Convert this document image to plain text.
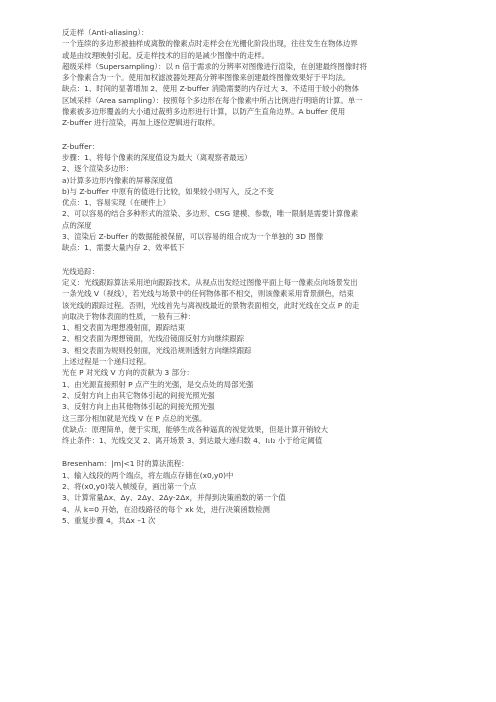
反走样（Anti-aliasing）：
一个连续的多边形被抽样成离散的像素点时走样会在光栅化阶段出现，往往发生在物体边界
或是由纹理映射引起。反走样技术的目的是减少图像中的走样。
超级采样（Supersampling）：以 n 倍于需求的分辨率对图像进行渲染，在创建最终图像时将
多个像素合为一个。使用加权滤波器处理高分辨率图像来创建最终图像效果好于平均法。
缺点：1、时间的显著增加 2、使用 Z-buffer 消隐需要的内存过大 3、不适用于较小的物体
区域采样（Area sampling）：按照每个多边形在每个像素中所占比例进行明暗的计算。单一
像素被多边形覆盖的大小通过裁剪多边形进行计算，以防产生直角边界。A buffer 使用
Z-buffer 进行渲染，再加上逐位逻辑进行取样。
Z-buffer：
步骤：1、将每个像素的深度值设为最大（离观察者最远）
2、逐个渲染多边形：
a)计算多边形内像素的屏幕深度值
b)与 Z-buffer 中原有的值进行比较，如果较小则写入，反之不变
优点：1、容易实现（在硬件上）
2、可以容易的结合多种形式的渲染、多边形、CSG 建模、参数，唯一限制是需要计算像素
点的深度
3、渲染后 Z-buffer 的数据能被保留，可以容易的组合成为一个单独的 3D 图像
缺点：1、需要大量内存 2、效率低下
光线追踪：
定义：光线跟踪算法采用逆向跟踪技术。从视点出发经过图像平面上每一像素点向场景发出
一条光线 V（视线），若光线与场景中的任何物体都不相交，则该像素采用背景颜色，结束
该光线的跟踪过程。否则，光线首先与离视线最近的景物表面相交，此时光线在交点 P 的走
向取决于物体表面的性质，一般有三种：
1、相交表面为理想漫射面，跟踪结束
2、相交表面为理想镜面，光线沿镜面反射方向继续跟踪
3、相交表面为规则投射面，光线沿规则透射方向继续跟踪
上述过程是一个递归过程。
光在 P 对光线 V 方向的贡献为 3 部分：
1、由光源直接照射 P 点产生的光强，是交点处的局部光强
2、反射方向上由其它物体引起的间接光照光强
3、反射方向上由其他物体引起的间接光照光强
这三部分相加就是光线 V 在 P 点总的光强。
优缺点：原理简单，便于实现，能够生成各种逼真的视觉效果，但是计算开销较大
终止条件：1、光线交叉 2、离开场景 3、到达最大递归数 4、I₁I₂ 小于给定阈值
Bresenham：|m|<1 时的算法流程：
1、输入线段的两个端点，将左端点存储在(x0,y0)中
2、将(x0,y0)装入帧缓存，画出第一个点
3、计算常量Δx、Δy、2Δy、2Δy-2Δx，并得到决策函数的第一个值
4、从 k=0 开始，在沿线路径的每个 xk 处，进行决策函数检测
5、重复步骤 4，共Δx –1 次
